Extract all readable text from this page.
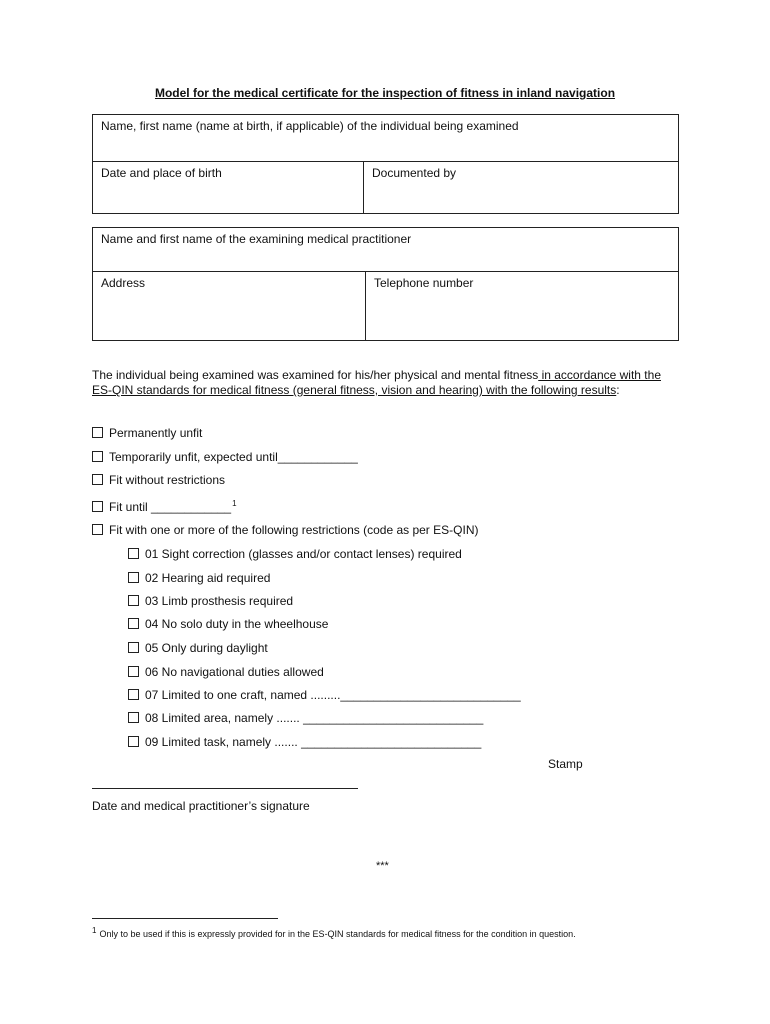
Model for the medical certificate for the inspection of fitness in inland navigation
Name, first name (name at birth, if applicable) of the individual being examined
Date and place of birth	Documented by
Name and first name of the examining medical practitioner
Address	Telephone number
The individual being examined was examined for his/her physical and mental fitness in accordance with the ES-QIN standards for medical fitness (general fitness, vision and hearing) with the following results:
Permanently unfit
Temporarily unfit, expected until____________
Fit without restrictions
Fit until ____________$^1$
Fit with one or more of the following restrictions (code as per ES-QIN)
01 Sight correction (glasses and/or contact lenses) required
02 Hearing aid required
03 Limb prosthesis required
04 No solo duty in the wheelhouse
05 Only during daylight
06 No navigational duties allowed
07 Limited to one craft, named .........___________________________
08 Limited area, namely ....... ___________________________
09 Limited task, namely ....... ___________________________
Stamp
Date and medical practitioner’s signature
***
1 Only to be used if this is expressly provided for in the ES-QIN standards for medical fitness for the condition in question.
